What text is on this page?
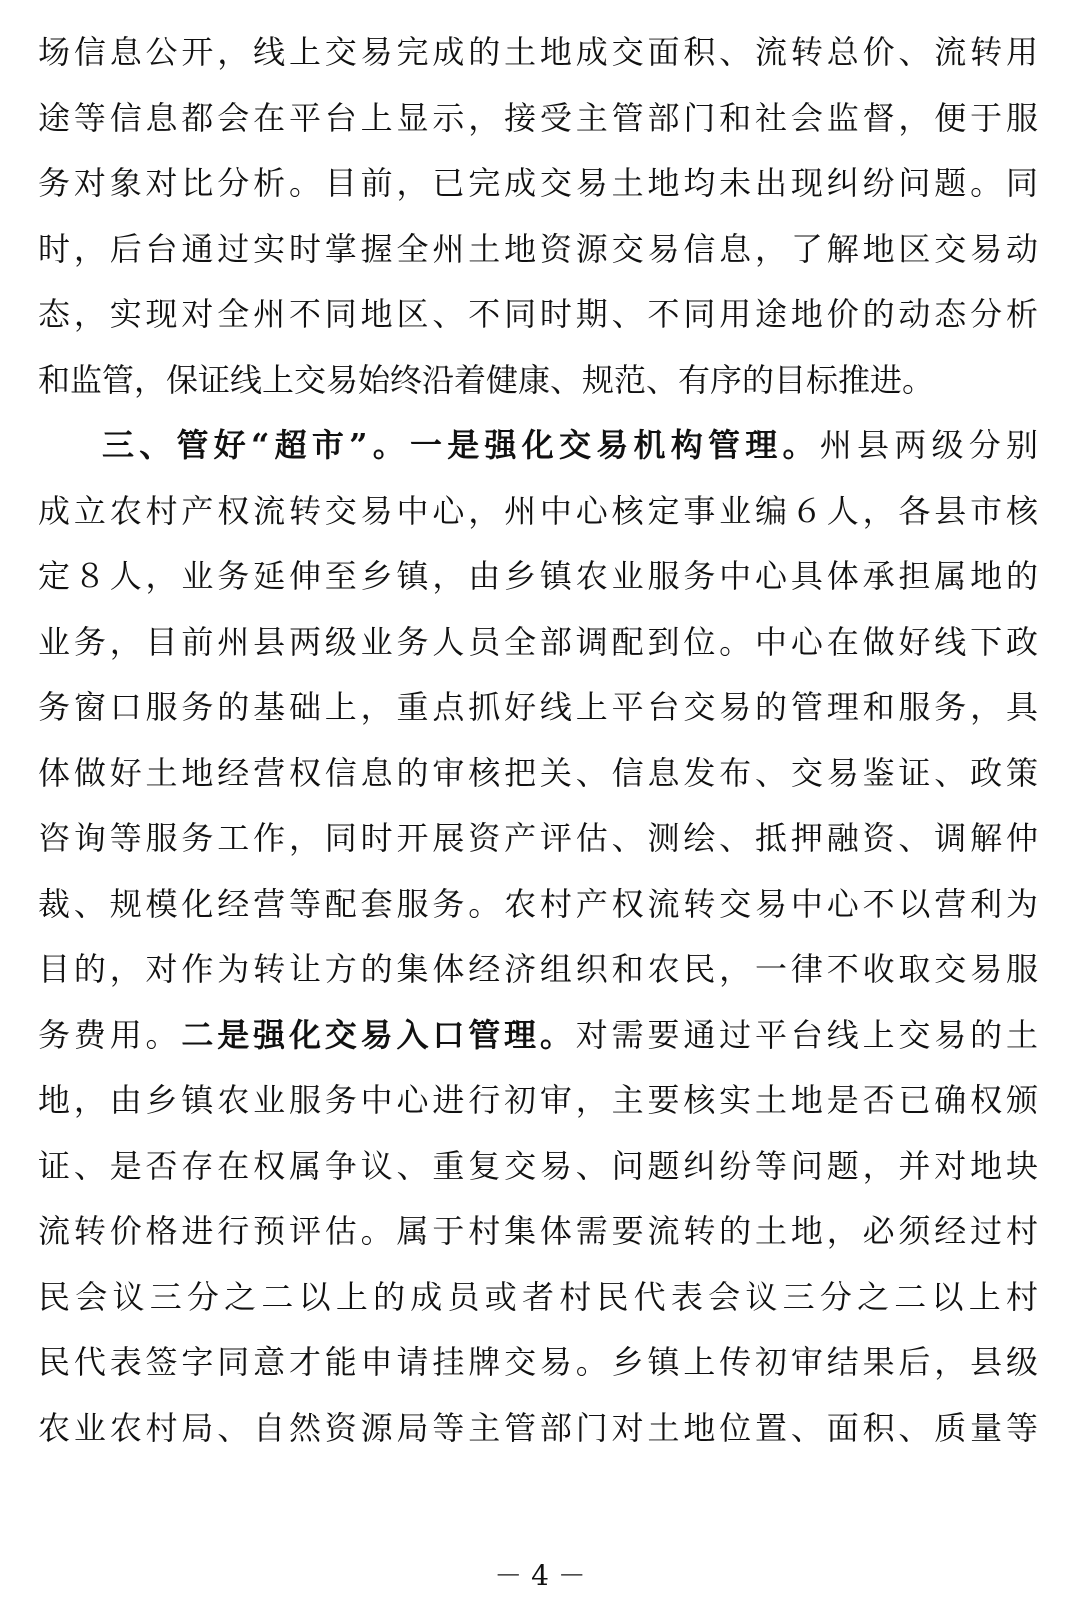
场信息公开，线上交易完成的土地成交面积、流转总价、流转用
途等信息都会在平台上显示，接受主管部门和社会监督，便于服
务对象对比分析。目前，已完成交易土地均未出现纠纷问题。同
时，后台通过实时掌握全州土地资源交易信息，了解地区交易动
态，实现对全州不同地区、不同时期、不同用途地价的动态分析
和监管，保证线上交易始终沿着健康、规范、有序的目标推进。
三、管好“超市”。一是强化交易机构管理。州县两级分别
成立农村产权流转交易中心，州中心核定事业编６人，各县市核
定８人，业务延伸至乡镇，由乡镇农业服务中心具体承担属地的
业务，目前州县两级业务人员全部调配到位。中心在做好线下政
务窗口服务的基础上，重点抓好线上平台交易的管理和服务，具
体做好土地经营权信息的审核把关、信息发布、交易鉴证、政策
咨询等服务工作，同时开展资产评估、测绘、抵押融资、调解仲
裁、规模化经营等配套服务。农村产权流转交易中心不以营利为
目的，对作为转让方的集体经济组织和农民，一律不收取交易服
务费用。二是强化交易入口管理。对需要通过平台线上交易的土
地，由乡镇农业服务中心进行初审，主要核实土地是否已确权颁
证、是否存在权属争议、重复交易、问题纠纷等问题，并对地块
流转价格进行预评估。属于村集体需要流转的土地，必须经过村
民会议三分之二以上的成员或者村民代表会议三分之二以上村
民代表签字同意才能申请挂牌交易。乡镇上传初审结果后，县级
农业农村局、自然资源局等主管部门对土地位置、面积、质量等
－ 4 －
